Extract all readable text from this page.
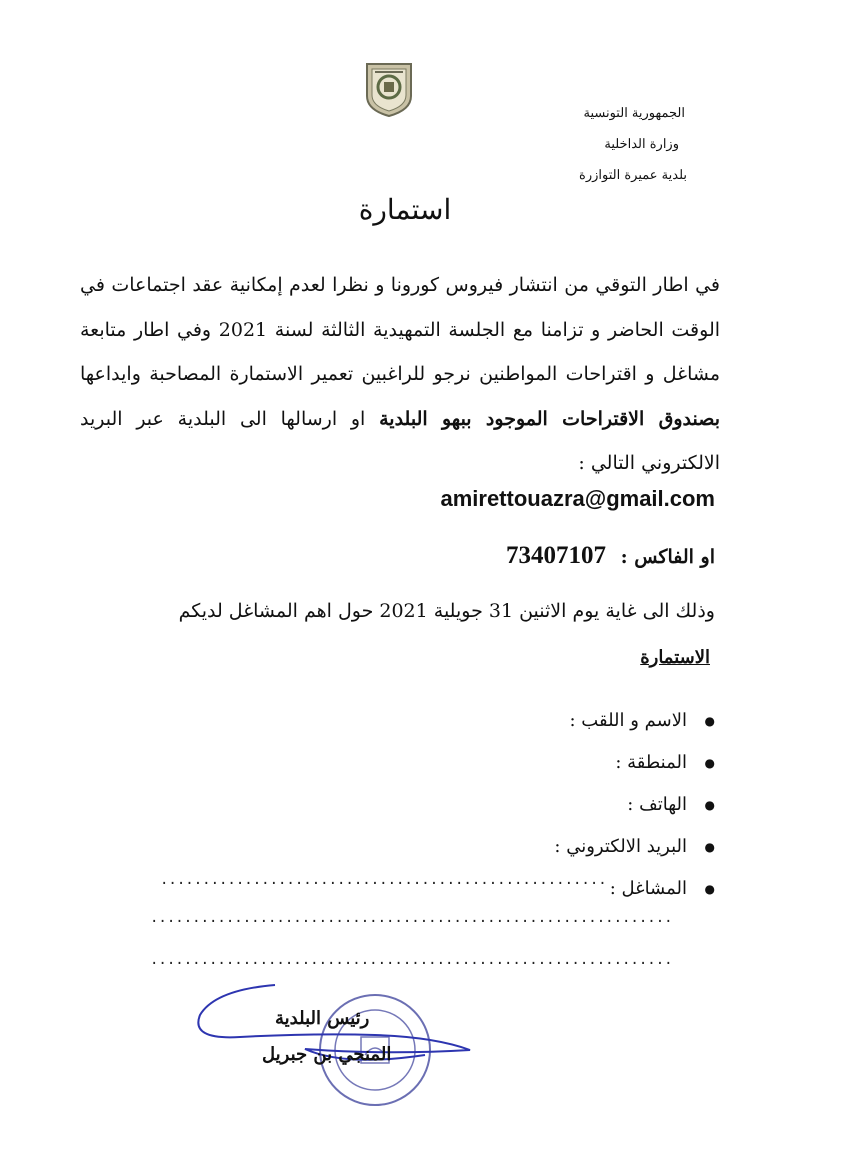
الجمهورية التونسية
وزارة الداخلية
بلدية عميرة التوازرة
استمارة
في اطار التوقي من انتشار فيروس كورونا و نظرا لعدم إمكانية عقد اجتماعات في الوقت الحاضر و تزامنا مع الجلسة التمهيدية الثالثة لسنة 2021 وفي اطار متابعة مشاغل و اقتراحات المواطنين نرجو للراغبين تعمير الاستمارة المصاحبة وايداعها بصندوق الاقتراحات الموجود ببهو البلدية او ارسالها الى البلدية عبر البريد الالكتروني التالي :
amirettouazra@gmail.com
او الفاكس : 73407107
وذلك الى غاية يوم الاثنين 31 جويلية 2021 حول اهم المشاغل لديكم
الاستمارة
● الاسم و اللقب :
● المنطقة :
● الهاتف :
● البريد الالكتروني :
● المشاغل :
.....................................................
..............................................................
..............................................................
رئيس البلدية
المنجي بن جبريل
